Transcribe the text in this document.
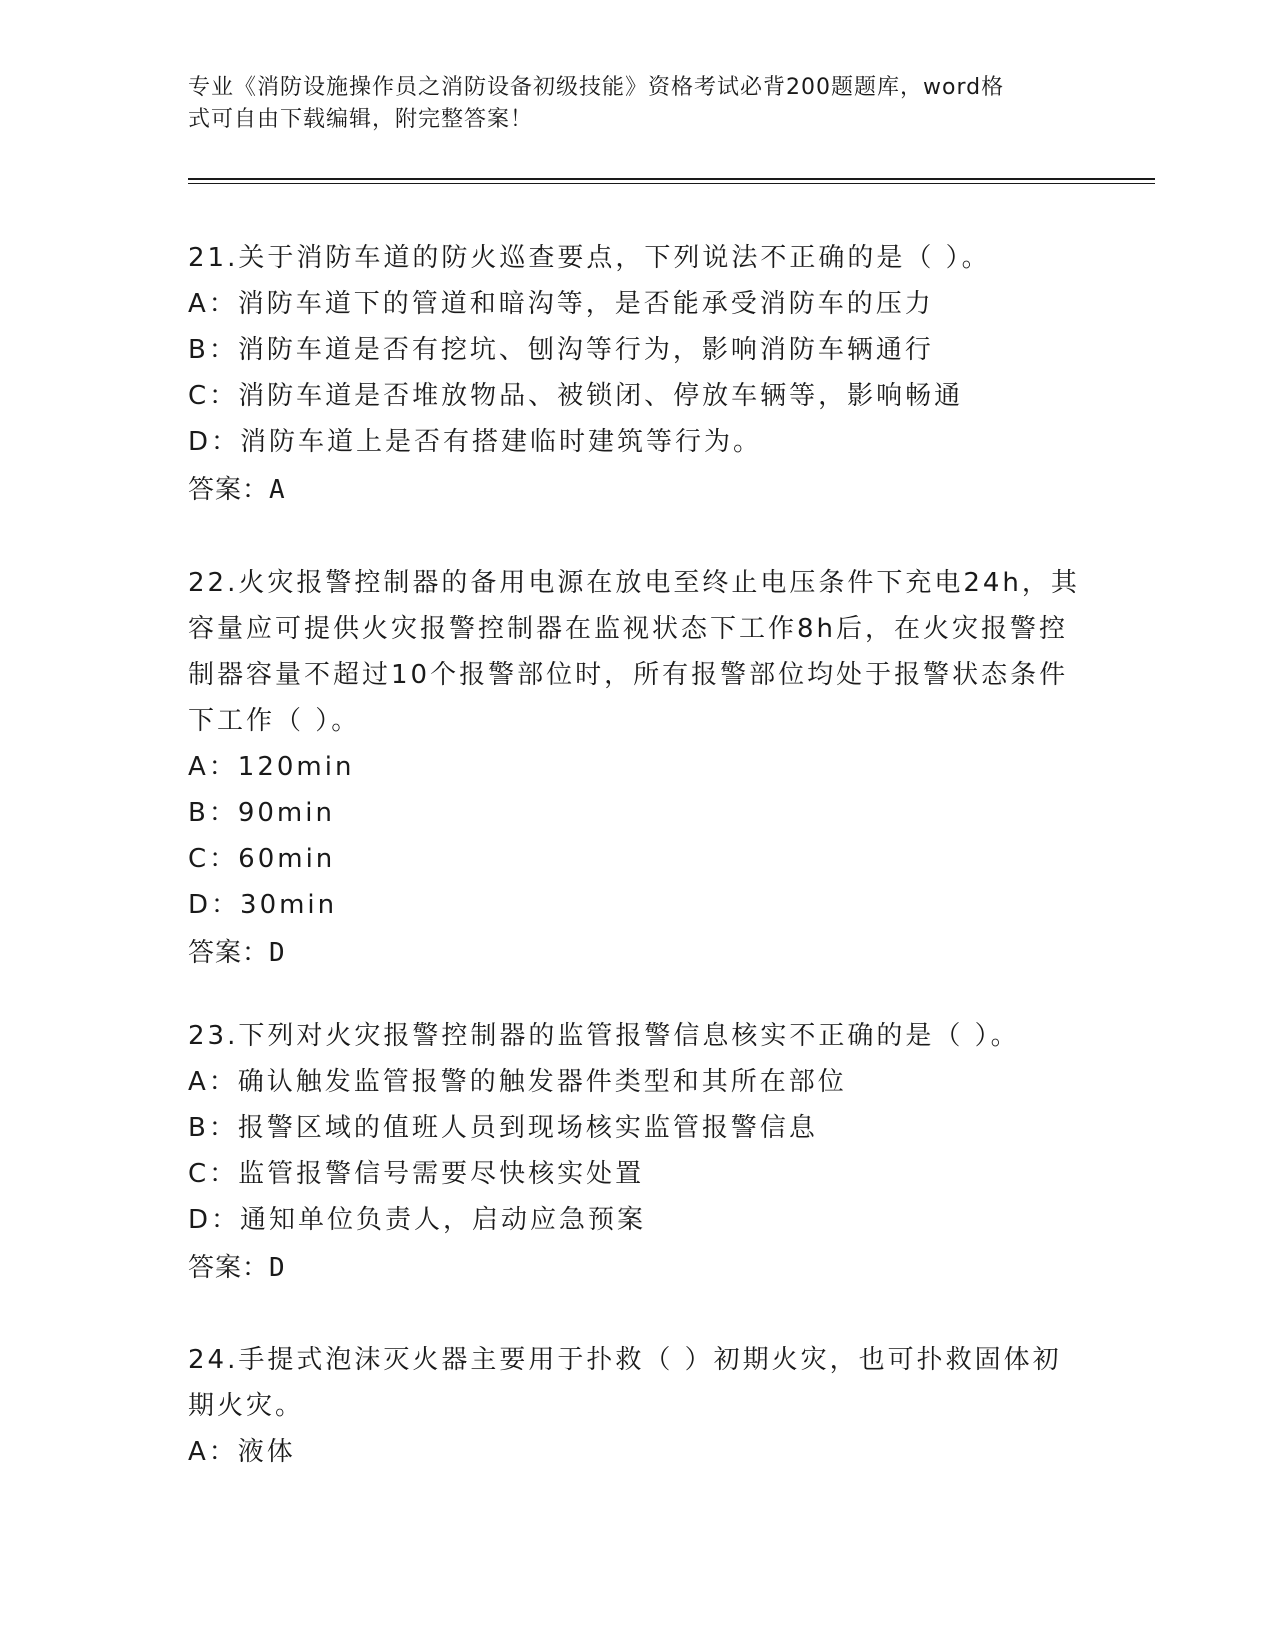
专业《消防设施操作员之消防设备初级技能》资格考试必背200题题库，word格
式可自由下载编辑，附完整答案！
21.关于消防车道的防火巡查要点，下列说法不正确的是（ ）。
A：消防车道下的管道和暗沟等，是否能承受消防车的压力
B：消防车道是否有挖坑、刨沟等行为，影响消防车辆通行
C：消防车道是否堆放物品、被锁闭、停放车辆等，影响畅通
D：消防车道上是否有搭建临时建筑等行为。
答案：A
22.火灾报警控制器的备用电源在放电至终止电压条件下充电24h，其容量应可提供火灾报警控制器在监视状态下工作8h后，在火灾报警控制器容量不超过10个报警部位时，所有报警部位均处于报警状态条件下工作（ ）。
A：120min
B：90min
C：60min
D：30min
答案：D
23.下列对火灾报警控制器的监管报警信息核实不正确的是（ ）。
A：确认触发监管报警的触发器件类型和其所在部位
B：报警区域的值班人员到现场核实监管报警信息
C：监管报警信号需要尽快核实处置
D：通知单位负责人，启动应急预案
答案：D
24.手提式泡沫灭火器主要用于扑救（ ）初期火灾，也可扑救固体初期火灾。
A：液体
